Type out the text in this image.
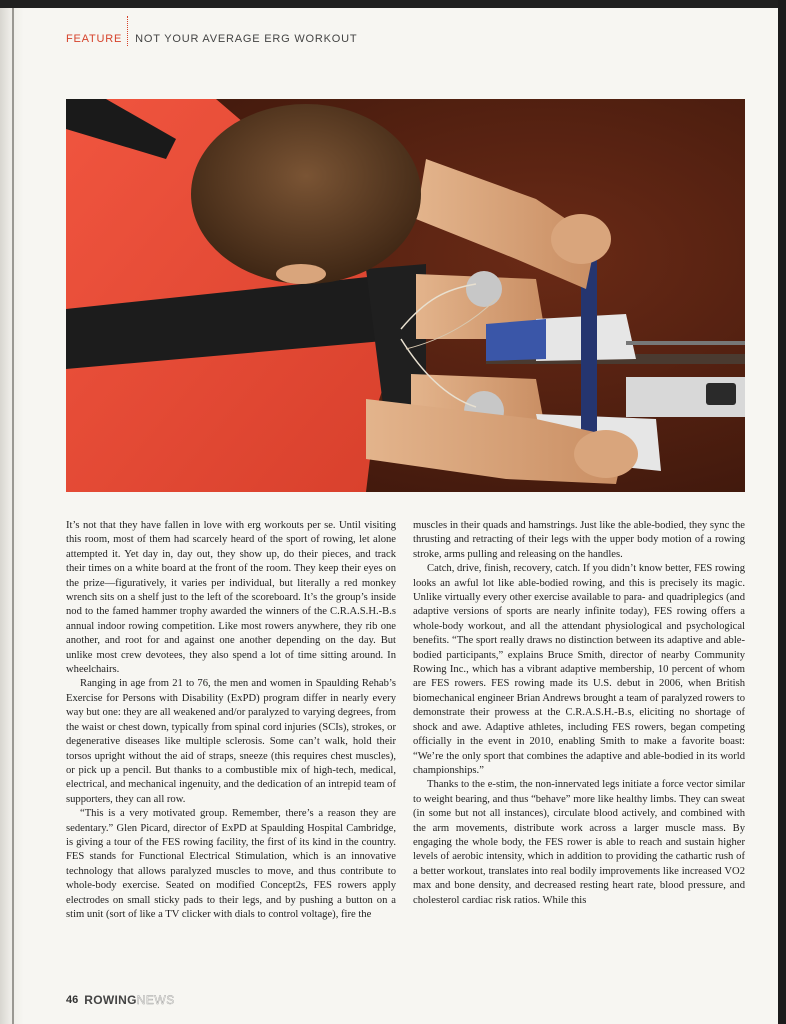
FEATURE NOT YOUR AVERAGE ERG WORKOUT

It’s not that they have fallen in love with erg workouts per se. Until visiting this room, most of them had scarcely heard of the sport of rowing, let alone attempted it. Yet day in, day out, they show up, do their pieces, and track their times on a white board at the front of the room. They keep their eyes on the prize—figuratively, it varies per individual, but literally a red monkey wrench sits on a shelf just to the left of the scoreboard. It’s the group’s inside nod to the famed hammer trophy awarded the winners of the C.R.A.S.H.-B.s annual indoor rowing competition. Like most rowers anywhere, they rib one another, and root for and against one another depending on the day. But unlike most crew devotees, they also spend a lot of time sitting around. In wheelchairs.

Ranging in age from 21 to 76, the men and women in Spaulding Rehab’s Exercise for Persons with Disability (ExPD) program differ in nearly every way but one: they are all weakened and/or paralyzed to varying degrees, from the waist or chest down, typically from spinal cord injuries (SCIs), strokes, or degenerative diseases like multiple sclerosis. Some can’t walk, hold their torsos upright without the aid of straps, sneeze (this requires chest muscles), or pick up a pencil. But thanks to a combustible mix of high-tech, medical, electrical, and mechanical ingenuity, and the dedication of an intrepid team of supporters, they can all row.

“This is a very motivated group. Remember, there’s a reason they are sedentary.” Glen Picard, director of ExPD at Spaulding Hospital Cambridge, is giving a tour of the FES rowing facility, the first of its kind in the country. FES stands for Functional Electrical Stimulation, which is an innovative technology that allows paralyzed muscles to move, and thus contribute to whole-body exercise. Seated on modified Concept2s, FES rowers apply electrodes on small sticky pads to their legs, and by pushing a button on a stim unit (sort of like a TV clicker with dials to control voltage), fire the

muscles in their quads and hamstrings. Just like the able-bodied, they sync the thrusting and retracting of their legs with the upper body motion of a rowing stroke, arms pulling and releasing on the handles.

Catch, drive, finish, recovery, catch. If you didn’t know better, FES rowing looks an awful lot like able-bodied rowing, and this is precisely its magic. Unlike virtually every other exercise available to para- and quadriplegics (and adaptive versions of sports are nearly infinite today), FES rowing offers a whole-body workout, and all the attendant physiological and psychological benefits. “The sport really draws no distinction between its adaptive and able-bodied participants,” explains Bruce Smith, director of nearby Community Rowing Inc., which has a vibrant adaptive membership, 10 percent of whom are FES rowers. FES rowing made its U.S. debut in 2006, when British biomechanical engineer Brian Andrews brought a team of paralyzed rowers to demonstrate their prowess at the C.R.A.S.H.-B.s, eliciting no shortage of shock and awe. Adaptive athletes, including FES rowers, began competing officially in the event in 2010, enabling Smith to make a favorite boast: “We’re the only sport that combines the adaptive and able-bodied in its world championships.”

Thanks to the e-stim, the non-innervated legs initiate a force vector similar to weight bearing, and thus “behave” more like healthy limbs. They can sweat (in some but not all instances), circulate blood actively, and combined with the arm movements, distribute work across a larger muscle mass. By engaging the whole body, the FES rower is able to reach and sustain higher levels of aerobic intensity, which in addition to providing the cathartic rush of a better workout, translates into real bodily improvements like increased VO2 max and bone density, and decreased resting heart rate, blood pressure, and cholesterol cardiac risk ratios. While this

46 ROWING NEWS
